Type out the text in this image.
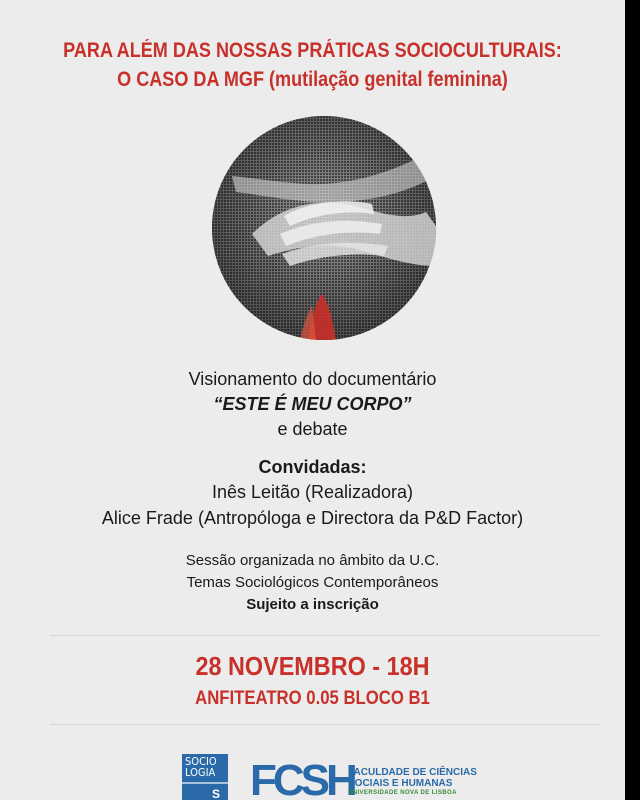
PARA ALÉM DAS NOSSAS PRÁTICAS SOCIOCULTURAIS:
O CASO DA MGF (mutilação genital feminina)
Visionamento do documentário
“ESTE É MEU CORPO”
e debate
Convidadas:
Inês Leitão (Realizadora)
Alice Frade (Antropóloga e Directora da P&D Factor)
Sessão organizada no âmbito da U.C.
Temas Sociológicos Contemporâneos
Sujeito a inscrição
28 NOVEMBRO - 18H
ANFITEATRO 0.05 BLOCO B1
SOCIO
LOGIA
S FCSH
FACULDADE DE CIÊNCIAS
SOCIAIS E HUMANAS
UNIVERSIDADE NOVA DE LISBOA
